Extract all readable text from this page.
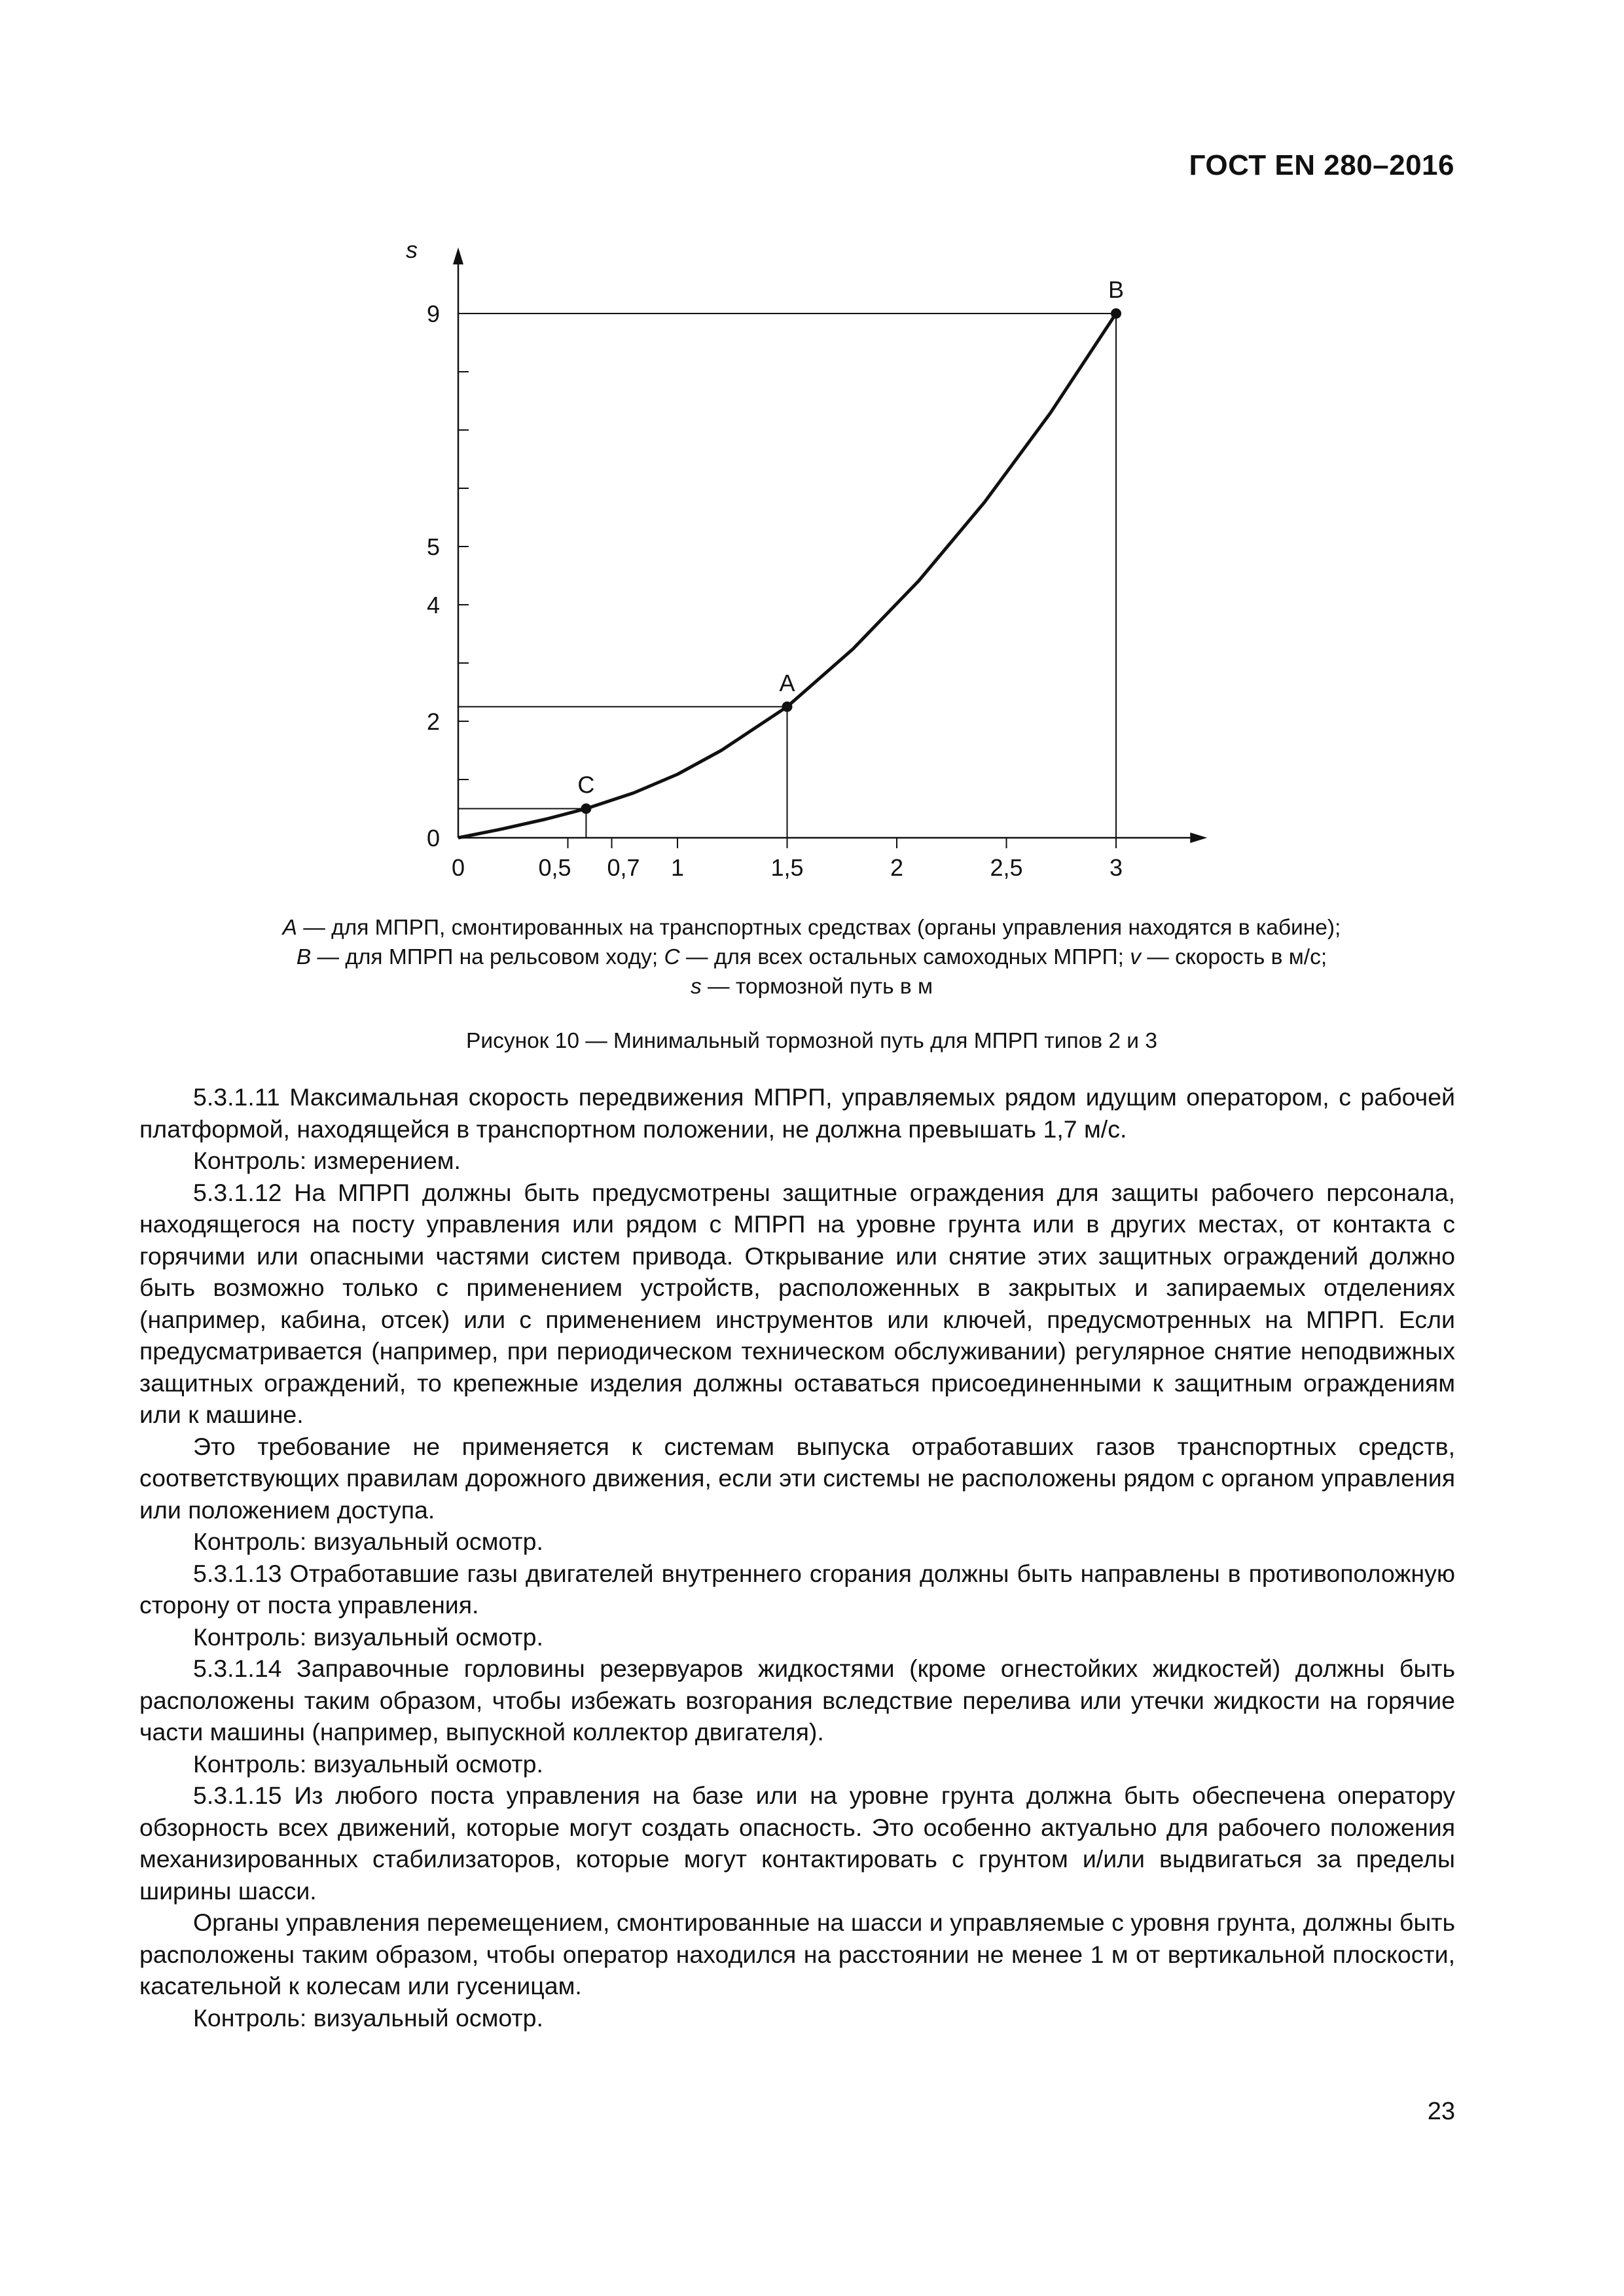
ГОСТ EN 280–2016
s
0	0,5 0,7 1	1,5	2	2,5	3
0
2
4
5
9
C
A
B
A — для МПРП, смонтированных на транспортных средствах (органы управления находятся в кабине);
В — для МПРП на рельсовом ходу; С — для всех остальных самоходных МПРП; v — скорость в м/с;
s — тормозной путь в м
Рисунок 10 — Минимальный тормозной путь для МПРП типов 2 и 3

5.3.1.11 Максимальная скорость передвижения МПРП, управляемых рядом идущим оператором, с рабочей платформой, находящейся в транспортном положении, не должна превышать 1,7 м/с.

Контроль: измерением.

5.3.1.12 На МПРП должны быть предусмотрены защитные ограждения для защиты рабочего персонала, находящегося на посту управления или рядом с МПРП на уровне грунта или в других местах, от контакта с горячими или опасными частями систем привода. Открывание или снятие этих защитных ограждений должно быть возможно только с применением устройств, расположенных в закрытых и запираемых отделениях (например, кабина, отсек) или с применением инструментов или ключей, предусмотренных на МПРП. Если предусматривается (например, при периодическом техническом обслуживании) регулярное снятие неподвижных защитных ограждений, то крепежные изделия должны оставаться присоединенными к защитным ограждениям или к машине.

Это требование не применяется к системам выпуска отработавших газов транспортных средств, соответствующих правилам дорожного движения, если эти системы не расположены рядом с органом управления или положением доступа.

Контроль: визуальный осмотр.

5.3.1.13 Отработавшие газы двигателей внутреннего сгорания должны быть направлены в противоположную сторону от поста управления.

Контроль: визуальный осмотр.

5.3.1.14 Заправочные горловины резервуаров жидкостями (кроме огнестойких жидкостей) должны быть расположены таким образом, чтобы избежать возгорания вследствие перелива или утечки жидкости на горячие части машины (например, выпускной коллектор двигателя).

Контроль: визуальный осмотр.

5.3.1.15 Из любого поста управления на базе или на уровне грунта должна быть обеспечена оператору обзорность всех движений, которые могут создать опасность. Это особенно актуально для рабочего положения механизированных стабилизаторов, которые могут контактировать с грунтом и/или выдвигаться за пределы ширины шасси.

Органы управления перемещением, смонтированные на шасси и управляемые с уровня грунта, должны быть расположены таким образом, чтобы оператор находился на расстоянии не менее 1 м от вертикальной плоскости, касательной к колесам или гусеницам.

Контроль: визуальный осмотр.

23
